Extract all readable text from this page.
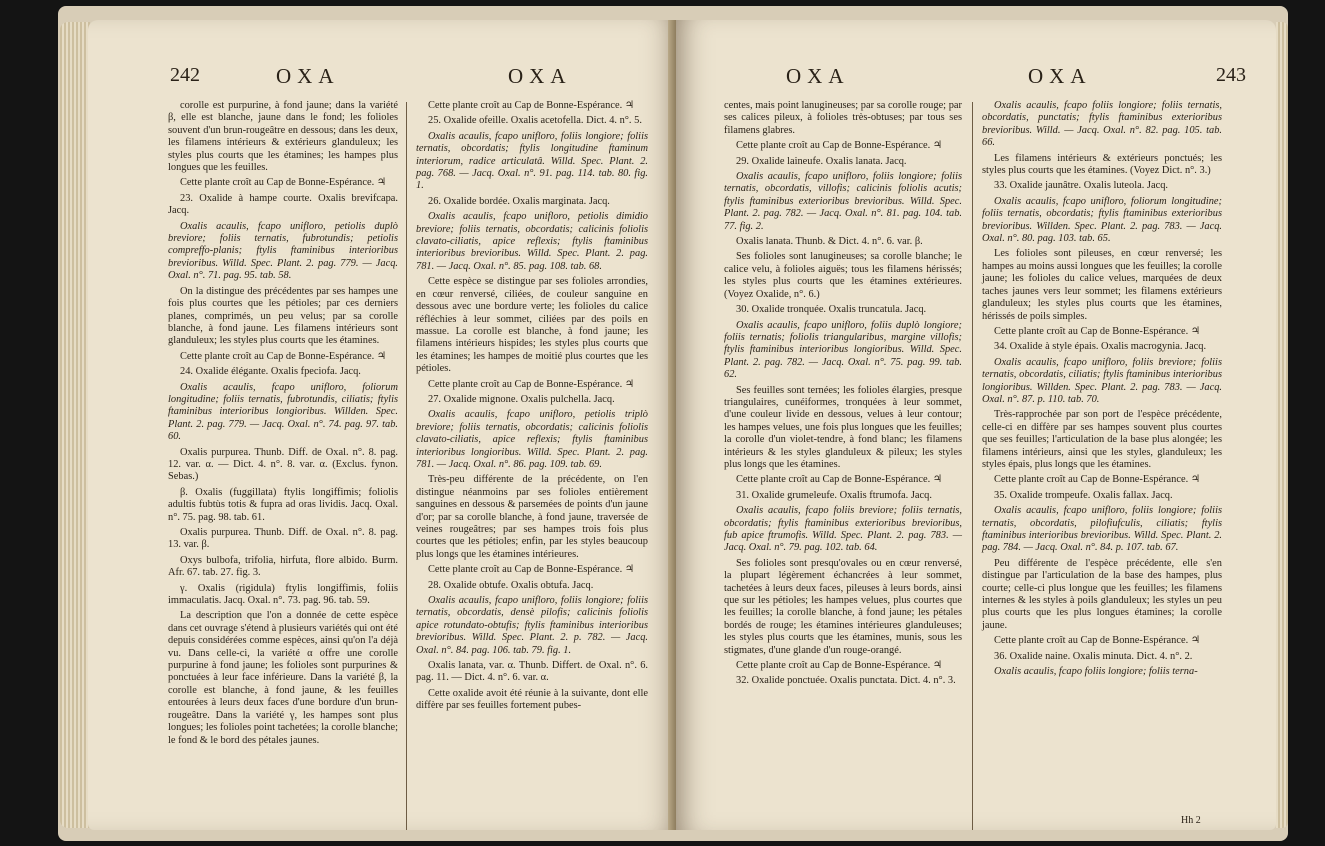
242	OXA	OXA

corolle est purpurine, à fond jaune; dans la variété β, elle est blanche, jaune dans le fond; les folioles souvent d'un brun-rougeâtre en dessous; dans les deux, les filamens intérieurs & extérieurs glanduleux; les styles plus courts que les étamines; les hampes plus longues que les feuilles.

Cette plante croît au Cap de Bonne-Espérance. ♃

23. Oxalide à hampe courte. Oxalis brevifcapa. Jacq.

Oxalis acaulis, fcapo unifloro, petiolis duplò breviore; foliis ternatis, fubrotundis; petiolis compreffo-planis; ftylis ftaminibus interioribus brevioribus. Willd. Spec. Plant. 2. pag. 779. — Jacq. Oxal. n°. 71. pag. 95. tab. 58.

On la distingue des précédentes par ses hampes une fois plus courtes que les pétioles; par ces derniers planes, comprimés, un peu velus; par sa corolle blanche, à fond jaune. Les filamens intérieurs sont glanduleux; les styles plus courts que les étamines.

Cette plante croît au Cap de Bonne-Espérance. ♃

24. Oxalide élégante. Oxalis fpeciofa. Jacq.

Oxalis acaulis, fcapo unifloro, foliorum longitudine; foliis ternatis, fubrotundis, ciliatis; ftylis ftaminibus interioribus longioribus. Willden. Spec. Plant. 2. pag. 779. — Jacq. Oxal. n°. 74. pag. 97. tab. 60.

Oxalis purpurea. Thunb. Diff. de Oxal. n°. 8. pag. 12. var. α. — Dict. 4. n°. 8. var. α. (Exclus. fynon. Sebas.)

β. Oxalis (fuggillata) ftylis longiffimis; foliolis adultis fubtùs totis & fupra ad oras lividis. Jacq. Oxal. n°. 75. pag. 98. tab. 61.

Oxalis purpurea. Thunb. Diff. de Oxal. n°. 8. pag. 13. var. β.

Oxys bulbofa, trifolia, hirfuta, flore albido. Burm. Afr. 67. tab. 27. fig. 3.

γ. Oxalis (rigidula) ftylis longiffimis, foliis immaculatis. Jacq. Oxal. n°. 73. pag. 96. tab. 59.

La description que l'on a donnée de cette espèce dans cet ouvrage s'étend à plusieurs variétés qui ont été depuis considérées comme espèces, ainsi qu'on l'a déjà vu. Dans celle-ci, la variété α offre une corolle purpurine à fond jaune; les folioles sont purpurines & ponctuées à leur face inférieure. Dans la variété β, la corolle est blanche, à fond jaune, & les feuilles entourées à leurs deux faces d'une bordure d'un brun-rougeâtre. Dans la variété γ, les hampes sont plus longues; les folioles point tachetées; la corolle blanche; le fond & le bord des pétales jaunes.

Cette plante croît au Cap de Bonne-Espérance. ♃

25. Oxalide ofeille. Oxalis acetofella. Dict. 4. n°. 5.

Oxalis acaulis, fcapo unifloro, foliis longiore; foliis ternatis, obcordatis; ftylis longitudine ftaminum interiorum, radice articulatâ. Willd. Spec. Plant. 2. pag. 768. — Jacq. Oxal. n°. 91. pag. 114. tab. 80. fig. 1.

26. Oxalide bordée. Oxalis marginata. Jacq.

Oxalis acaulis, fcapo unifloro, petiolis dimidio breviore; foliis ternatis, obcordatis; calicinis foliolis clavato-ciliatis, apice reflexis; ftylis ftaminibus interioribus brevioribus. Willd. Spec. Plant. 2. pag. 781. — Jacq. Oxal. n°. 85. pag. 108. tab. 68.

Cette espèce se distingue par ses folioles arrondies, en cœur renversé, ciliées, de couleur sanguine en dessous avec une bordure verte; les folioles du calice réfléchies à leur sommet, ciliées par des poils en massue. La corolle est blanche, à fond jaune; les filamens intérieurs hispides; les styles plus courts que les étamines; les hampes de moitié plus courtes que les pétioles.

Cette plante croît au Cap de Bonne-Espérance. ♃

27. Oxalide mignone. Oxalis pulchella. Jacq.

Oxalis acaulis, fcapo unifloro, petiolis triplò breviore; foliis ternatis, obcordatis; calicinis foliolis clavato-ciliatis, apice reflexis; ftylis ftaminibus interioribus longioribus. Willd. Spec. Plant. 2. pag. 781. — Jacq. Oxal. n°. 86. pag. 109. tab. 69.

Très-peu différente de la précédente, on l'en distingue néanmoins par ses folioles entièrement sanguines en dessous & parsemées de points d'un jaune d'or; par sa corolle blanche, à fond jaune, traversée de veines rougeâtres; par ses hampes trois fois plus courtes que les pétioles; enfin, par les styles beaucoup plus longs que les étamines intérieures.

Cette plante croît au Cap de Bonne-Espérance. ♃

28. Oxalide obtufe. Oxalis obtufa. Jacq.

Oxalis acaulis, fcapo unifloro, foliis longiore; foliis ternatis, obcordatis, densè pilofis; calicinis foliolis apice rotundato-obtufis; ftylis ftaminibus interioribus brevioribus. Willd. Spec. Plant. 2. p. 782. — Jacq. Oxal. n°. 84. pag. 106. tab. 79. fig. 1.

Oxalis lanata, var. α. Thunb. Differt. de Oxal. n°. 6. pag. 11. — Dict. 4. n°. 6. var. α.

Cette oxalide avoit été réunie à la suivante, dont elle diffère par ses feuilles fortement pubes-

OXA	OXA	243

centes, mais point lanugineuses; par sa corolle rouge; par ses calices pileux, à folioles très-obtuses; par tous ses filamens glabres.

Cette plante croît au Cap de Bonne-Espérance. ♃

29. Oxalide laineufe. Oxalis lanata. Jacq.

Oxalis acaulis, fcapo unifloro, foliis longiore; foliis ternatis, obcordatis, villofis; calicinis foliolis acutis; ftylis ftaminibus exterioribus brevioribus. Willd. Spec. Plant. 2. pag. 782. — Jacq. Oxal. n°. 81. pag. 104. tab. 77. fig. 2.

Oxalis lanata. Thunb. & Dict. 4. n°. 6. var. β.

Ses folioles sont lanugineuses; sa corolle blanche; le calice velu, à folioles aiguës; tous les filamens hérissés; les styles plus courts que les étamines extérieures. (Voyez Oxalide, n°. 6.)

30. Oxalide tronquée. Oxalis truncatula. Jacq.

Oxalis acaulis, fcapo unifloro, foliis duplò longiore; foliis ternatis; foliolis triangularibus, margine villofis; ftylis ftaminibus interioribus longioribus. Willd. Spec. Plant. 2. pag. 782. — Jacq. Oxal. n°. 75. pag. 99. tab. 62.

Ses feuilles sont ternées; les folioles élargies, presque triangulaires, cunéiformes, tronquées à leur sommet, d'une couleur livide en dessous, velues à leur contour; les hampes velues, une fois plus longues que les feuilles; la corolle d'un violet-tendre, à fond blanc; les filamens intérieurs & les styles glanduleux & pileux; les styles plus longs que les étamines.

Cette plante croît au Cap de Bonne-Espérance. ♃

31. Oxalide grumeleufe. Oxalis ftrumofa. Jacq.

Oxalis acaulis, fcapo foliis breviore; foliis ternatis, obcordatis; ftylis ftaminibus exterioribus brevioribus, fub apice ftrumofis. Willd. Spec. Plant. 2. pag. 783. — Jacq. Oxal. n°. 79. pag. 102. tab. 64.

Ses folioles sont presqu'ovales ou en cœur renversé, la plupart légèrement échancrées à leur sommet, tachetées à leurs deux faces, pileuses à leurs bords, ainsi que sur les pétioles; les hampes velues, plus courtes que les feuilles; la corolle blanche, à fond jaune; les pétales bordés de rouge; les étamines intérieures glanduleuses; les styles plus courts que les étamines, munis, sous les stigmates, d'une glande d'un rouge-orangé.

Cette plante croît au Cap de Bonne-Espérance. ♃

32. Oxalide ponctuée. Oxalis punctata. Dict. 4. n°. 3.

Oxalis acaulis, fcapo foliis longiore; foliis ternatis, obcordatis, punctatis; ftylis ftaminibus exterioribus brevioribus. Willd. — Jacq. Oxal. n°. 82. pag. 105. tab. 66.

Les filamens intérieurs & extérieurs ponctués; les styles plus courts que les étamines. (Voyez Dict. n°. 3.)

33. Oxalide jaunâtre. Oxalis luteola. Jacq.

Oxalis acaulis, fcapo unifloro, foliorum longitudine; foliis ternatis, obcordatis; ftylis ftaminibus exterioribus brevioribus. Willden. Spec. Plant. 2. pag. 783. — Jacq. Oxal. n°. 80. pag. 103. tab. 65.

Les folioles sont pileuses, en cœur renversé; les hampes au moins aussi longues que les feuilles; la corolle jaune; les folioles du calice velues, marquées de deux taches jaunes vers leur sommet; les filamens extérieurs glanduleux; les styles plus courts que les étamines, hérissés de poils simples.

Cette plante croît au Cap de Bonne-Espérance. ♃

34. Oxalide à style épais. Oxalis macrogynia. Jacq.

Oxalis acaulis, fcapo unifloro, foliis breviore; foliis ternatis, obcordatis, ciliatis; ftylis ftaminibus interioribus longioribus. Willden. Spec. Plant. 2. pag. 783. — Jacq. Oxal. n°. 87. p. 110. tab. 70.

Très-rapprochée par son port de l'espèce précédente, celle-ci en diffère par ses hampes souvent plus courtes que ses feuilles; l'articulation de la base plus alongée; les filamens intérieurs, ainsi que les styles, glanduleux; les styles épais, plus longs que les étamines.

Cette plante croît au Cap de Bonne-Espérance. ♃

35. Oxalide trompeufe. Oxalis fallax. Jacq.

Oxalis acaulis, fcapo unifloro, foliis longiore; foliis ternatis, obcordatis, pilofiufculis, ciliatis; ftylis ftaminibus interioribus brevioribus. Willd. Spec. Plant. 2. pag. 784. — Jacq. Oxal. n°. 84. p. 107. tab. 67.

Peu différente de l'espèce précédente, elle s'en distingue par l'articulation de la base des hampes, plus courte; celle-ci plus longue que les feuilles; les filamens internes & les styles à poils glanduleux; les styles un peu plus courts que les plus longues étamines; la corolle jaune.

Cette plante croît au Cap de Bonne-Espérance. ♃

36. Oxalide naine. Oxalis minuta. Dict. 4. n°. 2.

Oxalis acaulis, fcapo foliis longiore; foliis terna-

Hh 2
